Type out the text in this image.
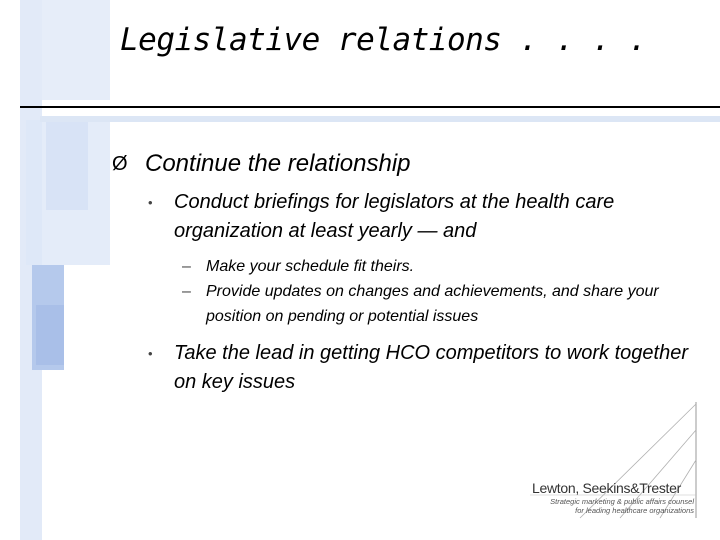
Legislative relations . . . .
Ø Continue the relationship
• Conduct briefings for legislators at the health care organization at least yearly — and
– Make your schedule fit theirs.
– Provide updates on changes and achievements, and share your position on pending or potential issues
• Take the lead in getting HCO competitors to work together on key issues
Lewton, Seekins&Trester
Strategic marketing & public affairs counsel
for leading healthcare organizations
